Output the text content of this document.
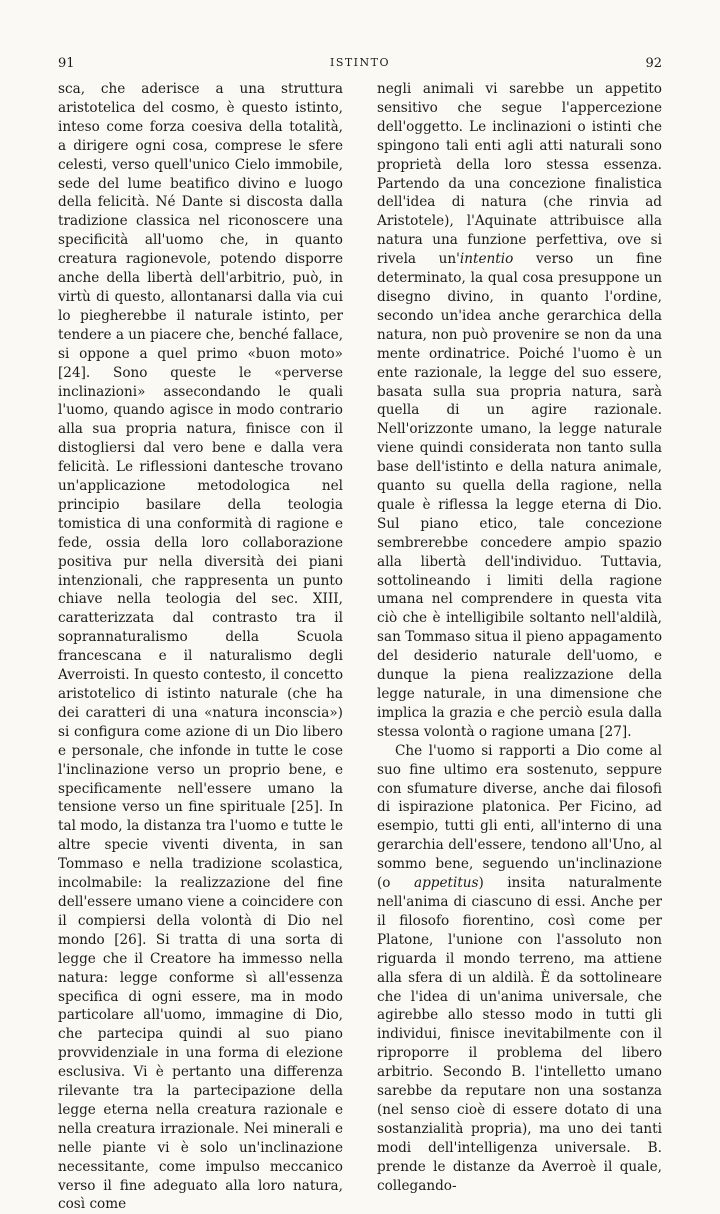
91	ISTINTO	92

sca, che aderisce a una struttura aristotelica del cosmo, è questo istinto, inteso come forza coesiva della totalità, a dirigere ogni cosa, comprese le sfere celesti, verso quell'unico Cielo immobile, sede del lume beatifico divino e luogo della felicità. Né Dante si discosta dalla tradizione classica nel riconoscere una specificità all'uomo che, in quanto creatura ragionevole, potendo disporre anche della libertà dell'arbitrio, può, in virtù di questo, allontanarsi dalla via cui lo piegherebbe il naturale istinto, per tendere a un piacere che, benché fallace, si oppone a quel primo «buon moto» [24]. Sono queste le «perverse inclinazioni» assecondando le quali l'uomo, quando agisce in modo contrario alla sua propria natura, finisce con il distogliersi dal vero bene e dalla vera felicità. Le riflessioni dantesche trovano un'applicazione metodologica nel principio basilare della teologia tomistica di una conformità di ragione e fede, ossia della loro collaborazione positiva pur nella diversità dei piani intenzionali, che rappresenta un punto chiave nella teologia del sec. XIII, caratterizzata dal contrasto tra il soprannaturalismo della Scuola francescana e il naturalismo degli Averroisti. In questo contesto, il concetto aristotelico di istinto naturale (che ha dei caratteri di una «natura inconscia») si configura come azione di un Dio libero e personale, che infonde in tutte le cose l'inclinazione verso un proprio bene, e specificamente nell'essere umano la tensione verso un fine spirituale [25]. In tal modo, la distanza tra l'uomo e tutte le altre specie viventi diventa, in san Tommaso e nella tradizione scolastica, incolmabile: la realizzazione del fine dell'essere umano viene a coincidere con il compiersi della volontà di Dio nel mondo [26]. Si tratta di una sorta di legge che il Creatore ha immesso nella natura: legge conforme sì all'essenza specifica di ogni essere, ma in modo particolare all'uomo, immagine di Dio, che partecipa quindi al suo piano provvidenziale in una forma di elezione esclusiva. Vi è pertanto una differenza rilevante tra la partecipazione della legge eterna nella creatura razionale e nella creatura irrazionale. Nei minerali e nelle piante vi è solo un'inclinazione necessitante, come impulso meccanico verso il fine adeguato alla loro natura, così come

negli animali vi sarebbe un appetito sensitivo che segue l'appercezione dell'oggetto. Le inclinazioni o istinti che spingono tali enti agli atti naturali sono proprietà della loro stessa essenza. Partendo da una concezione finalistica dell'idea di natura (che rinvia ad Aristotele), l'Aquinate attribuisce alla natura una funzione perfettiva, ove si rivela un'intentio verso un fine determinato, la qual cosa presuppone un disegno divino, in quanto l'ordine, secondo un'idea anche gerarchica della natura, non può provenire se non da una mente ordinatrice. Poiché l'uomo è un ente razionale, la legge del suo essere, basata sulla sua propria natura, sarà quella di un agire razionale. Nell'orizzonte umano, la legge naturale viene quindi considerata non tanto sulla base dell'istinto e della natura animale, quanto su quella della ragione, nella quale è riflessa la legge eterna di Dio. Sul piano etico, tale concezione sembrerebbe concedere ampio spazio alla libertà dell'individuo. Tuttavia, sottolineando i limiti della ragione umana nel comprendere in questa vita ciò che è intelligibile soltanto nell'aldilà, san Tommaso situa il pieno appagamento del desiderio naturale dell'uomo, e dunque la piena realizzazione della legge naturale, in una dimensione che implica la grazia e che perciò esula dalla stessa volontà o ragione umana [27].

Che l'uomo si rapporti a Dio come al suo fine ultimo era sostenuto, seppure con sfumature diverse, anche dai filosofi di ispirazione platonica. Per Ficino, ad esempio, tutti gli enti, all'interno di una gerarchia dell'essere, tendono all'Uno, al sommo bene, seguendo un'inclinazione (o appetitus) insita naturalmente nell'anima di ciascuno di essi. Anche per il filosofo fiorentino, così come per Platone, l'unione con l'assoluto non riguarda il mondo terreno, ma attiene alla sfera di un aldilà. È da sottolineare che l'idea di un'anima universale, che agirebbe allo stesso modo in tutti gli individui, finisce inevitabilmente con il riproporre il problema del libero arbitrio. Secondo B. l'intelletto umano sarebbe da reputare non una sostanza (nel senso cioè di essere dotato di una sostanzialità propria), ma uno dei tanti modi dell'intelligenza universale. B. prende le distanze da Averroè il quale, collegando-
